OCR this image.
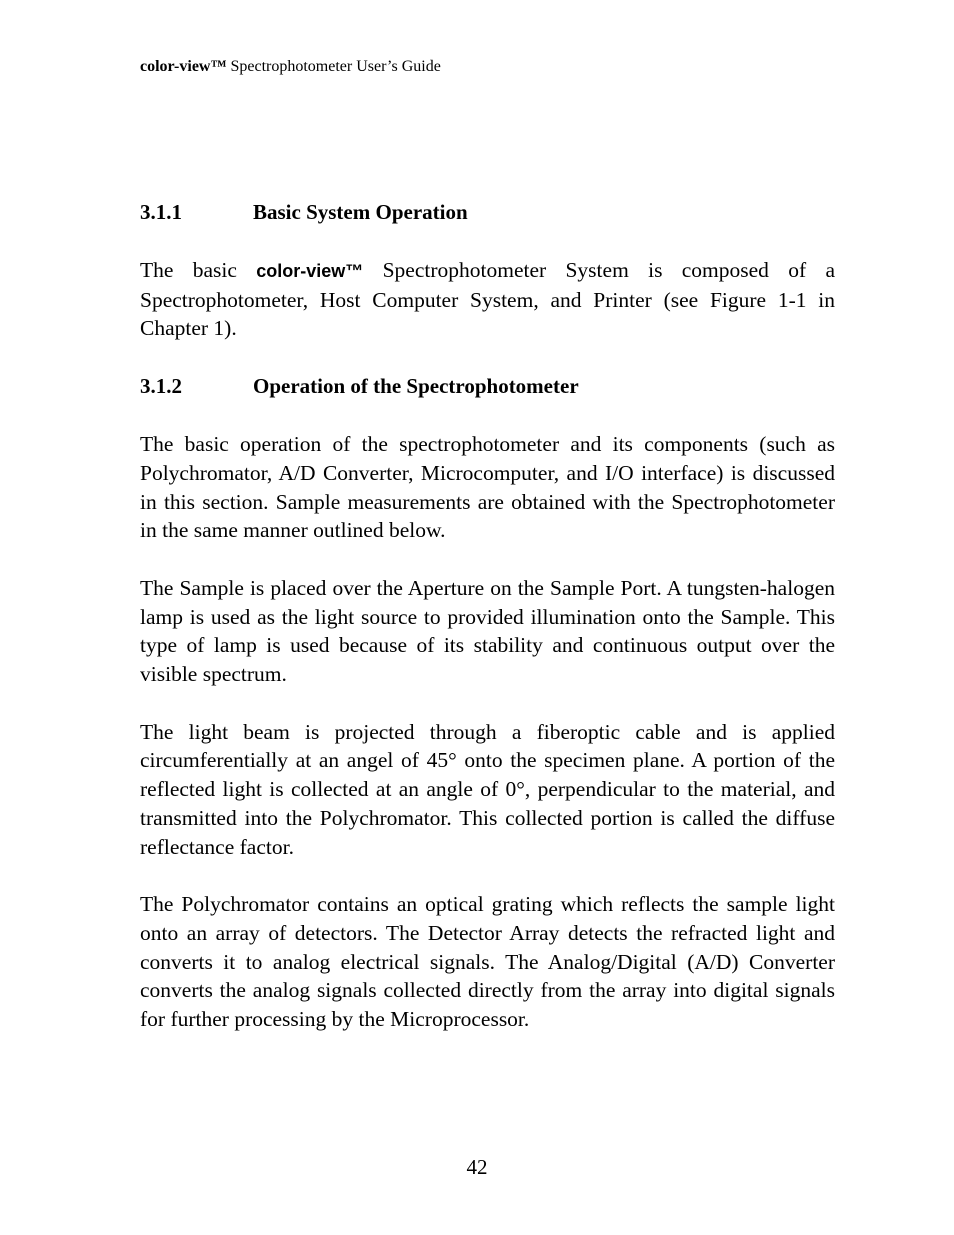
color-view™ Spectrophotometer User’s Guide
3.1.1	Basic System Operation

The basic color-view™ Spectrophotometer System is composed of a Spectrophotometer, Host Computer System, and Printer (see Figure 1-1 in Chapter 1).

3.1.2	Operation of the Spectrophotometer

The basic operation of the spectrophotometer and its components (such as Polychromator, A/D Converter, Microcomputer, and I/O interface) is discussed in this section. Sample measurements are obtained with the Spectrophotometer in the same manner outlined below.

The Sample is placed over the Aperture on the Sample Port. A tungsten-halogen lamp is used as the light source to provided illumination onto the Sample. This type of lamp is used because of its stability and continuous output over the visible spectrum.

The light beam is projected through a fiberoptic cable and is applied circumferentially at an angel of 45° onto the specimen plane. A portion of the reflected light is collected at an angle of 0°, perpendicular to the material, and transmitted into the Polychromator. This collected portion is called the diffuse reflectance factor.

The Polychromator contains an optical grating which reflects the sample light onto an array of detectors. The Detector Array detects the refracted light and converts it to analog electrical signals. The Analog/Digital (A/D) Converter converts the analog signals collected directly from the array into digital signals for further processing by the Microprocessor.

42
